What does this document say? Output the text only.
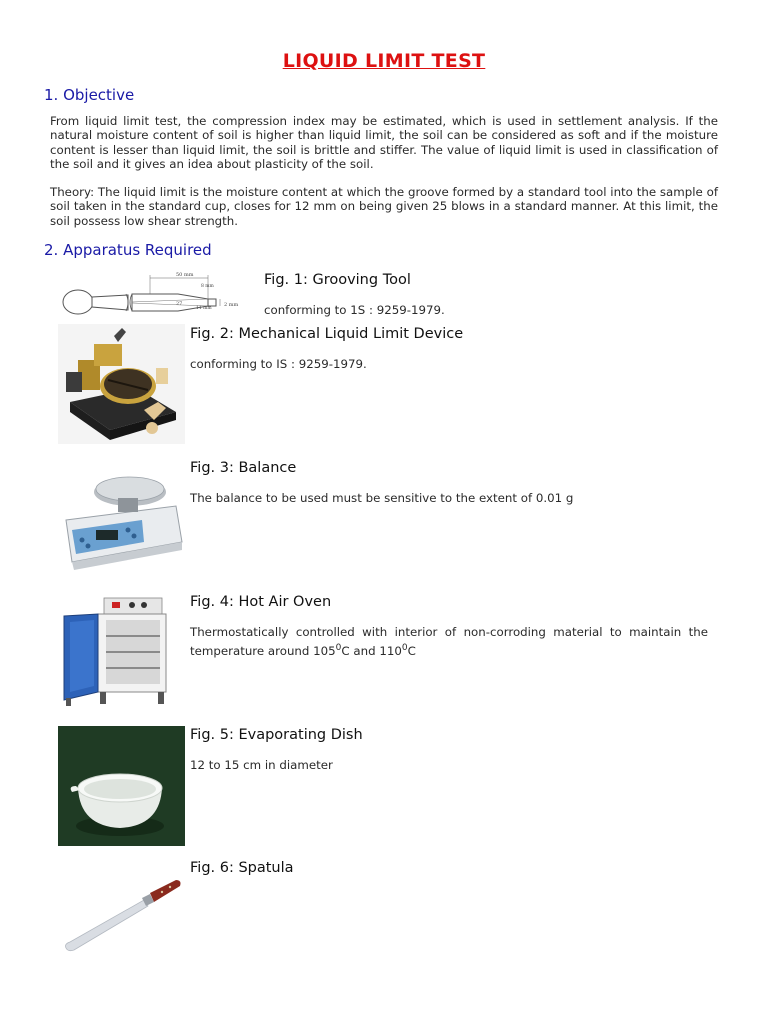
LIQUID LIMIT TEST
1. Objective
From liquid limit test, the compression index may be estimated, which is used in settlement analysis. If the natural moisture content of soil is higher than liquid limit, the soil can be considered as soft and if the moisture content is lesser than liquid limit, the soil is brittle and stiffer. The value of liquid limit is used in classification of the soil and it gives an idea about plasticity of the soil.
Theory: The liquid limit is the moisture content at which the groove formed by a standard tool into the sample of soil taken in the standard cup, closes for 12 mm on being given 25 blows in a standard manner. At this limit, the soil possess low shear strength.
2. Apparatus Required
50 mm
8 mm
27
11 mm
2 mm
Fig. 1: Grooving Tool
conforming to 1S : 9259-1979.
Fig. 2: Mechanical Liquid Limit Device
conforming to IS : 9259-1979.
Fig. 3: Balance
The balance to be used must be sensitive to the extent of 0.01 g
Fig. 4: Hot Air Oven
Thermostatically controlled with interior of non-corroding material to maintain the temperature around $105^0C$ and $110^0C$
Fig. 5: Evaporating Dish
12 to 15 cm in diameter
Fig. 6: Spatula
